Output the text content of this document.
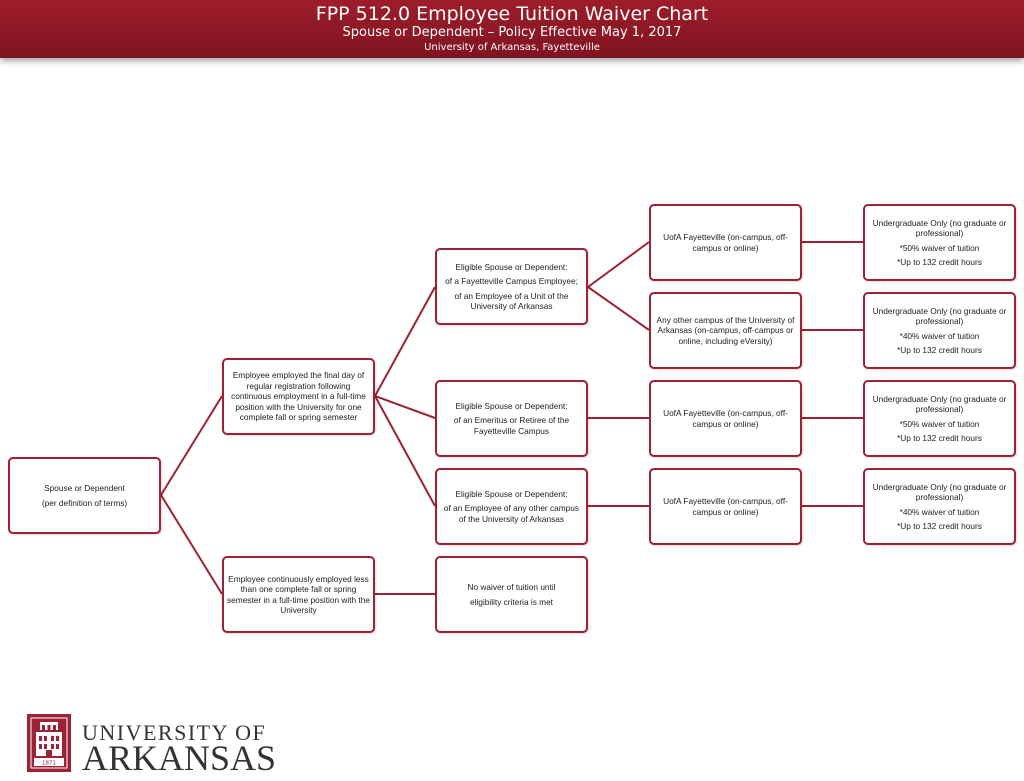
FPP 512.0 Employee Tuition Waiver Chart
Spouse or Dependent – Policy Effective May 1, 2017
University of Arkansas, Fayetteville
Spouse or Dependent
(per definition of terms)
Employee employed the final day of regular registration following continuous employment in a full-time position with the University for one complete fall or spring semester
Employee continuously employed less than one complete fall or spring semester in a full-time position with the University
Eligible Spouse or Dependent:
of a Fayetteville Campus Employee;
of an Employee of a Unit of the University of Arkansas
Eligible Spouse or Dependent:
of an Emeritus or Retiree of the Fayetteville Campus
Eligible Spouse or Dependent:
of an Employee of any other campus of the University of Arkansas
No waiver of tuition until
eligibility criteria is met
UofA Fayetteville (on-campus, off-campus or online)
Any other campus of the University of Arkansas (on-campus, off-campus or online, including eVersity)
UofA Fayetteville (on-campus, off-campus or online)
UofA Fayetteville (on-campus, off-campus or online)
Undergraduate Only (no graduate or professional)
*50% waiver of tuition
*Up to 132 credit hours
Undergraduate Only (no graduate or professional)
*40% waiver of tuition
*Up to 132 credit hours
Undergraduate Only (no graduate or professional)
*50% waiver of tuition
*Up to 132 credit hours
Undergraduate Only (no graduate or professional)
*40% waiver of tuition
*Up to 132 credit hours
1871
UNIVERSITY OF
ARKANSAS
